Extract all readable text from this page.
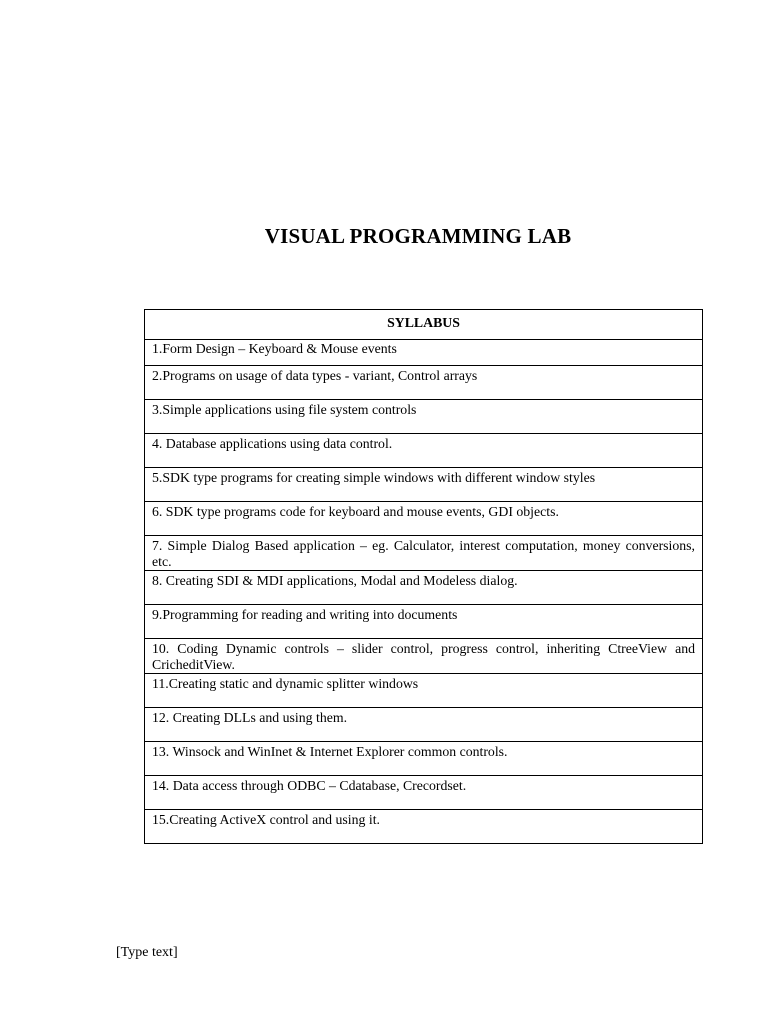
VISUAL PROGRAMMING LAB
SYLLABUS
1.Form Design – Keyboard & Mouse events
2.Programs on usage of data types - variant, Control arrays
3.Simple applications using file system controls
4. Database applications using data control.
5.SDK type programs for creating simple windows with different window styles
6. SDK type programs code for keyboard and mouse events, GDI objects.
7. Simple Dialog Based application – eg. Calculator, interest computation, money conversions, etc.
8. Creating SDI & MDI applications, Modal and Modeless dialog.
9.Programming for reading and writing into documents
10. Coding Dynamic controls – slider control, progress control, inheriting CtreeView and CricheditView.
11.Creating static and dynamic splitter windows
12. Creating DLLs and using them.
13. Winsock and WinInet & Internet Explorer common controls.
14. Data access through ODBC – Cdatabase, Crecordset.
15.Creating ActiveX control and using it.
[Type text]
